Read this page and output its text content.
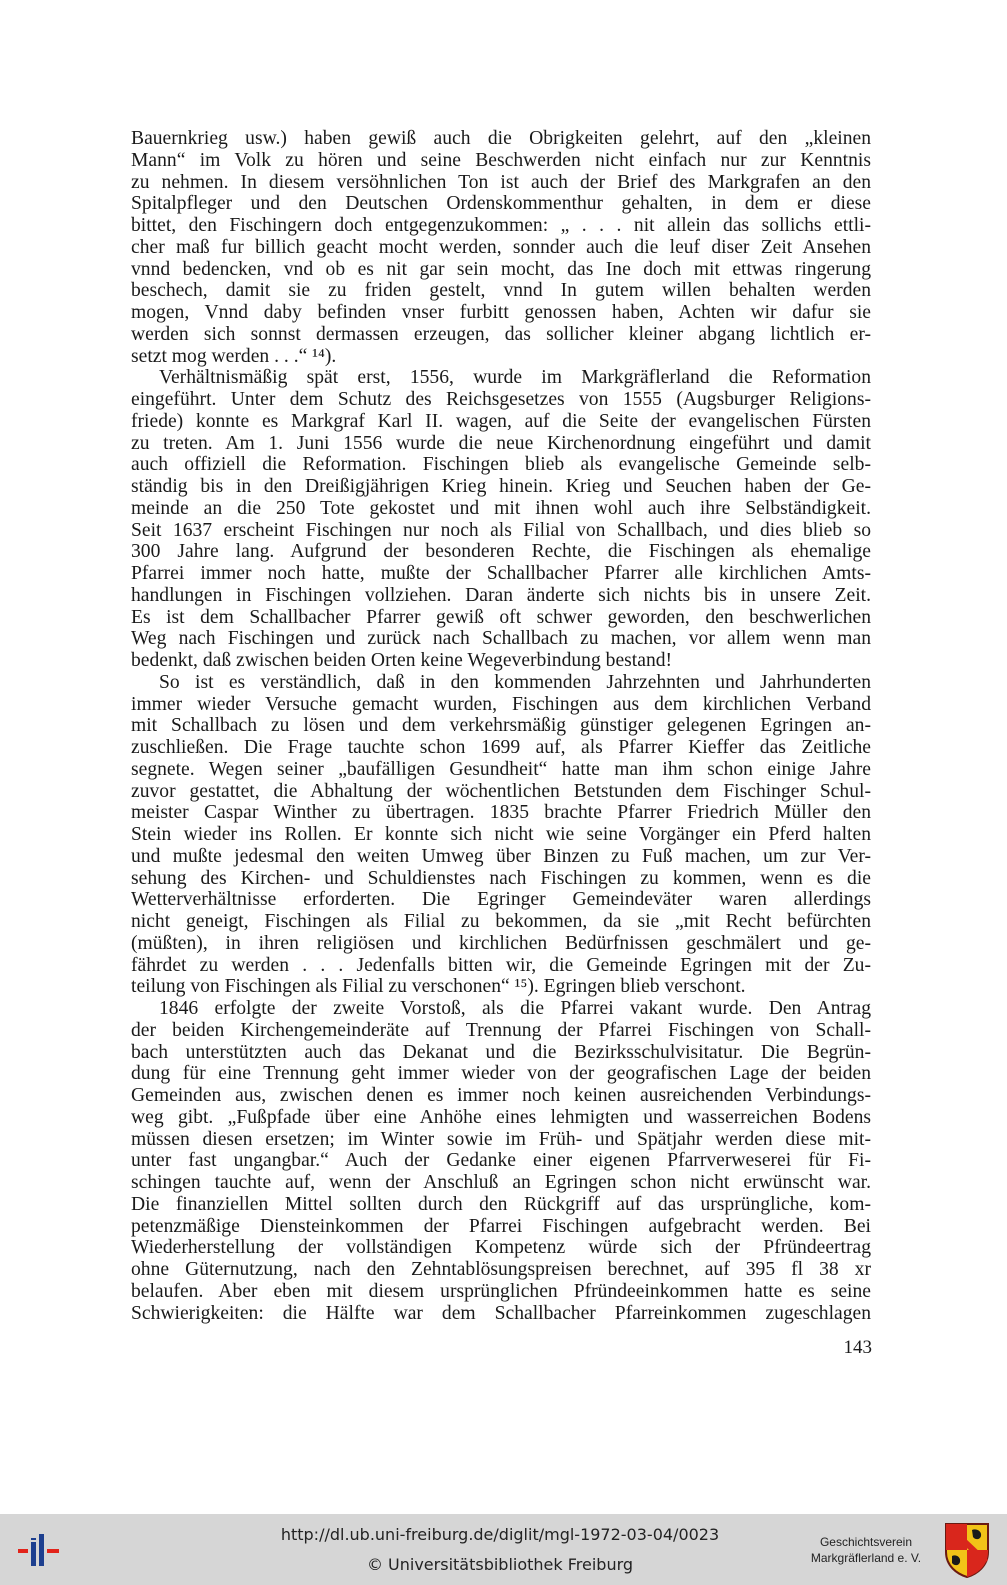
Bauernkrieg usw.) haben gewiß auch die Obrigkeiten gelehrt, auf den „kleinen
Mann“ im Volk zu hören und seine Beschwerden nicht einfach nur zur Kenntnis
zu nehmen. In diesem versöhnlichen Ton ist auch der Brief des Markgrafen an den
Spitalpfleger und den Deutschen Ordenskommenthur gehalten, in dem er diese
bittet, den Fischingern doch entgegenzukommen: „ . . . nit allein das sollichs ettli-
cher maß fur billich geacht mocht werden, sonnder auch die leuf diser Zeit Ansehen
vnnd bedencken, vnd ob es nit gar sein mocht, das Ine doch mit ettwas ringerung
beschech, damit sie zu friden gestelt, vnnd In gutem willen behalten werden
mogen, Vnnd daby befinden vnser furbitt genossen haben, Achten wir dafur sie
werden sich sonnst dermassen erzeugen, das sollicher kleiner abgang lichtlich er-
setzt mog werden . . .“ ¹⁴).
Verhältnismäßig spät erst, 1556, wurde im Markgräflerland die Reformation
eingeführt. Unter dem Schutz des Reichsgesetzes von 1555 (Augsburger Religions-
friede) konnte es Markgraf Karl II. wagen, auf die Seite der evangelischen Fürsten
zu treten. Am 1. Juni 1556 wurde die neue Kirchenordnung eingeführt und damit
auch offiziell die Reformation. Fischingen blieb als evangelische Gemeinde selb-
ständig bis in den Dreißigjährigen Krieg hinein. Krieg und Seuchen haben der Ge-
meinde an die 250 Tote gekostet und mit ihnen wohl auch ihre Selbständigkeit.
Seit 1637 erscheint Fischingen nur noch als Filial von Schallbach, und dies blieb so
300 Jahre lang. Aufgrund der besonderen Rechte, die Fischingen als ehemalige
Pfarrei immer noch hatte, mußte der Schallbacher Pfarrer alle kirchlichen Amts-
handlungen in Fischingen vollziehen. Daran änderte sich nichts bis in unsere Zeit.
Es ist dem Schallbacher Pfarrer gewiß oft schwer geworden, den beschwerlichen
Weg nach Fischingen und zurück nach Schallbach zu machen, vor allem wenn man
bedenkt, daß zwischen beiden Orten keine Wegeverbindung bestand!
So ist es verständlich, daß in den kommenden Jahrzehnten und Jahrhunderten
immer wieder Versuche gemacht wurden, Fischingen aus dem kirchlichen Verband
mit Schallbach zu lösen und dem verkehrsmäßig günstiger gelegenen Egringen an-
zuschließen. Die Frage tauchte schon 1699 auf, als Pfarrer Kieffer das Zeitliche
segnete. Wegen seiner „baufälligen Gesundheit“ hatte man ihm schon einige Jahre
zuvor gestattet, die Abhaltung der wöchentlichen Betstunden dem Fischinger Schul-
meister Caspar Winther zu übertragen. 1835 brachte Pfarrer Friedrich Müller den
Stein wieder ins Rollen. Er konnte sich nicht wie seine Vorgänger ein Pferd halten
und mußte jedesmal den weiten Umweg über Binzen zu Fuß machen, um zur Ver-
sehung des Kirchen- und Schuldienstes nach Fischingen zu kommen, wenn es die
Wetterverhältnisse erforderten. Die Egringer Gemeindeväter waren allerdings
nicht geneigt, Fischingen als Filial zu bekommen, da sie „mit Recht befürchten
(müßten), in ihren religiösen und kirchlichen Bedürfnissen geschmälert und ge-
fährdet zu werden . . . Jedenfalls bitten wir, die Gemeinde Egringen mit der Zu-
teilung von Fischingen als Filial zu verschonen“ ¹⁵). Egringen blieb verschont.
1846 erfolgte der zweite Vorstoß, als die Pfarrei vakant wurde. Den Antrag
der beiden Kirchengemeinderäte auf Trennung der Pfarrei Fischingen von Schall-
bach unterstützten auch das Dekanat und die Bezirksschulvisitatur. Die Begrün-
dung für eine Trennung geht immer wieder von der geografischen Lage der beiden
Gemeinden aus, zwischen denen es immer noch keinen ausreichenden Verbindungs-
weg gibt. „Fußpfade über eine Anhöhe eines lehmigten und wasserreichen Bodens
müssen diesen ersetzen; im Winter sowie im Früh- und Spätjahr werden diese mit-
unter fast ungangbar.“ Auch der Gedanke einer eigenen Pfarrverweserei für Fi-
schingen tauchte auf, wenn der Anschluß an Egringen schon nicht erwünscht war.
Die finanziellen Mittel sollten durch den Rückgriff auf das ursprüngliche, kom-
petenzmäßige Diensteinkommen der Pfarrei Fischingen aufgebracht werden. Bei
Wiederherstellung der vollständigen Kompetenz würde sich der Pfründeertrag
ohne Güternutzung, nach den Zehntablösungspreisen berechnet, auf 395 fl 38 xr
belaufen. Aber eben mit diesem ursprünglichen Pfründeeinkommen hatte es seine
Schwierigkeiten: die Hälfte war dem Schallbacher Pfarreinkommen zugeschlagen
143
http://dl.ub.uni-freiburg.de/diglit/mgl-1972-03-04/0023
© Universitätsbibliothek Freiburg
Geschichtsverein
Markgräflerland e. V.
